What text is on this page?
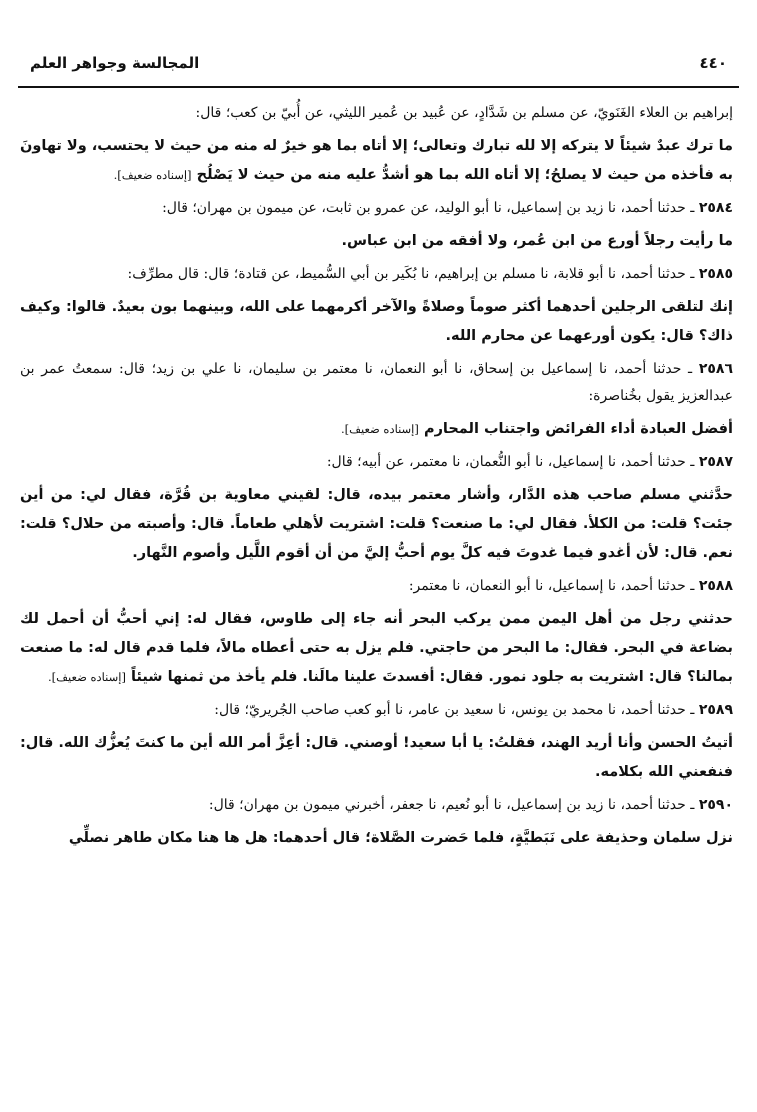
٤٤٠
المجالسة وجواهر العلم

إبراهيم بن العلاء الغَنَويّ، عن مسلم بن شَدَّادٍ، عن عُبيد بن عُمير الليثي، عن أُبيّ بن كعب؛ قال:

ما ترك عبدٌ شيئاً لا يتركه إلا لله تبارك وتعالى؛ إلا أتاه بما هو خيرٌ له منه من حيث لا يحتسب، ولا تهاونَ به فأخذه من حيث لا يصلحُ؛ إلا أتاه الله بما هو أشدُّ عليه منه من حيث لا يَصْلُح [إسناده ضعيف].

٢٥٨٤ ـ حدثنا أحمد، نا زيد بن إسماعيل، نا أبو الوليد، عن عمرو بن ثابت، عن ميمون بن مهران؛ قال:

ما رأيت رجلاً أورع من ابن عُمر، ولا أفقه من ابن عباس.

٢٥٨٥ ـ حدثنا أحمد، نا أبو قلابة، نا مسلم بن إبراهيم، نا بُكَير بن أبي السُّميط، عن قتادة؛ قال: قال مطرِّف:

إنك لتلقى الرجلين أحدهما أكثر صوماً وصلاةً والآخر أكرمهما على الله، وبينهما بون بعيدٌ. قالوا: وكيف ذاك؟ قال: يكون أورعهما عن محارم الله.

٢٥٨٦ ـ حدثنا أحمد، نا إسماعيل بن إسحاق، نا أبو النعمان، نا معتمر بن سليمان، نا علي بن زيد؛ قال: سمعتُ عمر بن عبدالعزيز يقول بخُناصرة:

أفضل العبادة أداء الفرائض واجتناب المحارم [إسناده ضعيف].

٢٥٨٧ ـ حدثنا أحمد، نا إسماعيل، نا أبو النُّعمان، نا معتمر، عن أبيه؛ قال:

حدَّثني مسلم صاحب هذه الدَّار، وأشار معتمر بيده، قال: لقيني معاوية بن قُرَّة، فقال لي: من أين جئت؟ قلت: من الكلأ. فقال لي: ما صنعت؟ قلت: اشتريت لأهلي طعاماً. قال: وأصبته من حلال؟ قلت: نعم. قال: لأن أغدو فيما غدوتَ فيه كلَّ يوم أحبُّ إليَّ من أن أقوم اللَّيل وأصوم النَّهار.

٢٥٨٨ ـ حدثنا أحمد، نا إسماعيل، نا أبو النعمان، نا معتمر:

حدثني رجل من أهل اليمن ممن يركب البحر أنه جاء إلى طاوس، فقال له: إني أحبُّ أن أحمل لك بضاعة في البحر. فقال: ما البحر من حاجتي. فلم يزل به حتى أعطاه مالاً، فلما قدم قال له: ما صنعت بمالنا؟ قال: اشتريت به جلود نمور. فقال: أفسدتَ علينا مالَنا. فلم يأخذ من ثمنها شيئاً [إسناده ضعيف].

٢٥٨٩ ـ حدثنا أحمد، نا محمد بن يونس، نا سعيد بن عامر، نا أبو كعب صاحب الجُريريّ؛ قال:

أتيتُ الحسن وأنا أريد الهند، فقلتُ: يا أبا سعيد! أوصني. قال: أعِزَّ أمر الله أين ما كنتَ يُعزُّك الله. قال: فنفعني الله بكلامه.

٢٥٩٠ ـ حدثنا أحمد، نا زيد بن إسماعيل، نا أبو نُعيم، نا جعفر، أخبرني ميمون بن مهران؛ قال:

نزل سلمان وحذيفة على نَبَطيَّةٍ، فلما حَضرت الصَّلاة؛ قال أحدهما: هل ها هنا مكان طاهر نصلِّي
